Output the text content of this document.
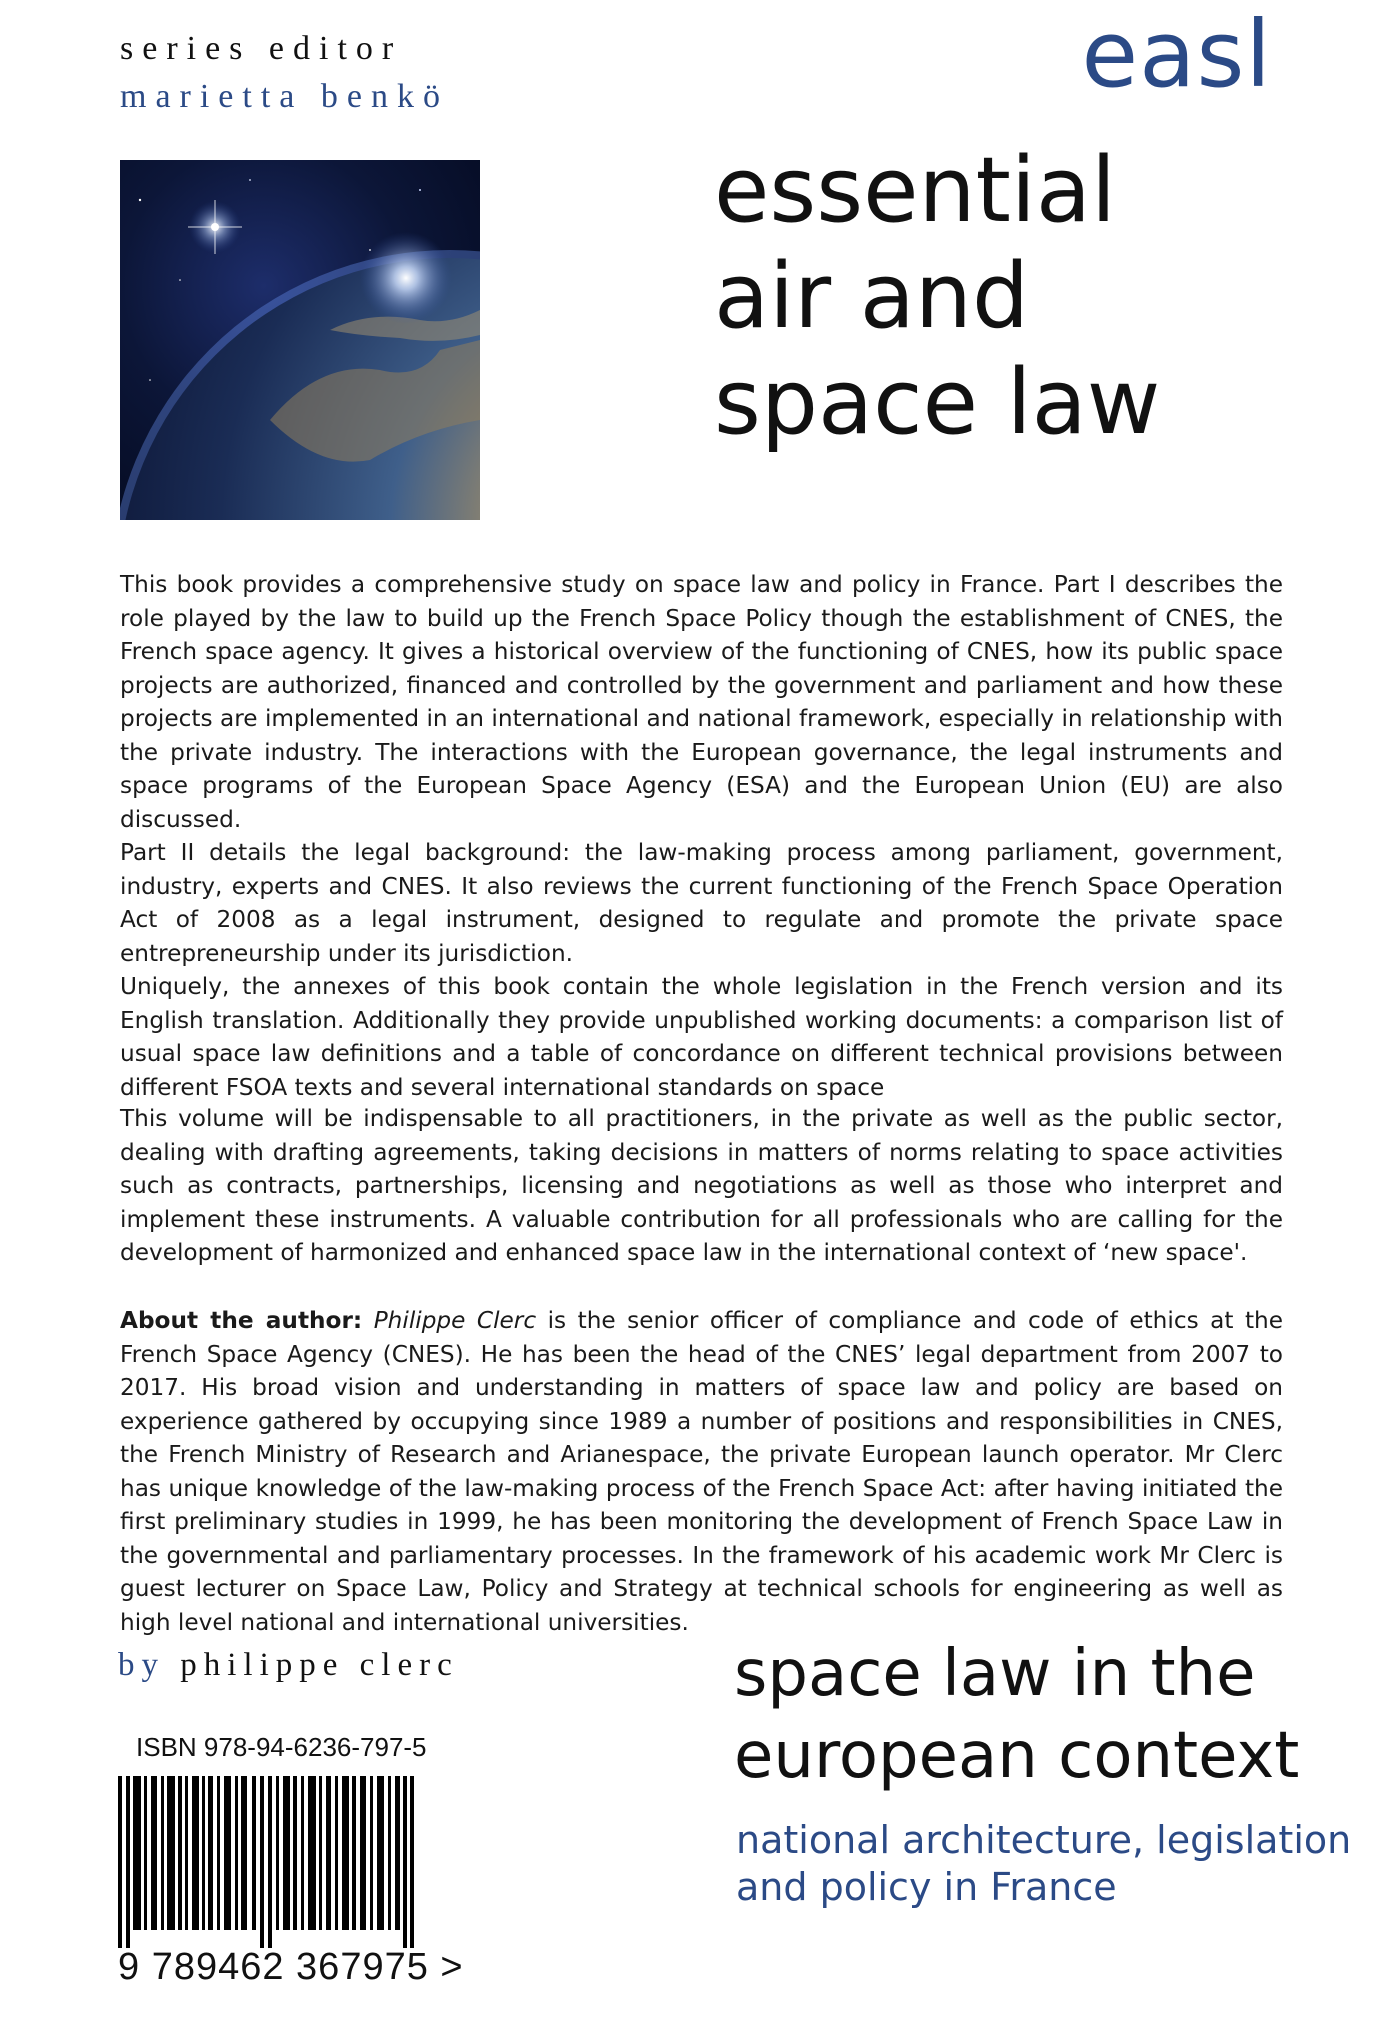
series editor

marietta benkö	easl

essential
air and
space law

This book provides a comprehensive study on space law and policy in France. Part I describes the role played by the law to build up the French Space Policy though the establishment of CNES, the French space agency. It gives a historical overview of the functioning of CNES, how its public space projects are authorized, financed and controlled by the government and parliament and how these projects are implemented in an international and national framework, especially in relationship with the private industry. The interactions with the European governance, the legal instruments and space programs of the European Space Agency (ESA) and the European Union (EU) are also discussed.

Part II details the legal background: the law-making process among parliament, government, industry, experts and CNES. It also reviews the current functioning of the French Space Operation Act of 2008 as a legal instrument, designed to regulate and promote the private space entrepreneurship under its jurisdiction.

Uniquely, the annexes of this book contain the whole legislation in the French version and its English translation. Additionally they provide unpublished working documents: a comparison list of usual space law definitions and a table of concordance on different technical provisions between different FSOA texts and several international standards on space

This volume will be indispensable to all practitioners, in the private as well as the public sector, dealing with drafting agreements, taking decisions in matters of norms relating to space activities such as contracts, partnerships, licensing and negotiations as well as those who interpret and implement these instruments. A valuable contribution for all professionals who are calling for the development of harmonized and enhanced space law in the international context of ‘new space'.

About the author: Philippe Clerc is the senior officer of compliance and code of ethics at the French Space Agency (CNES). He has been the head of the CNES’ legal department from 2007 to 2017. His broad vision and understanding in matters of space law and policy are based on experience gathered by occupying since 1989 a number of positions and responsibilities in CNES, the French Ministry of Research and Arianespace, the private European launch operator. Mr Clerc has unique knowledge of the law-making process of the French Space Act: after having initiated the first preliminary studies in 1999, he has been monitoring the development of French Space Law in the governmental and parliamentary processes. In the framework of his academic work Mr Clerc is guest lecturer on Space Law, Policy and Strategy at technical schools for engineering as well as high level national and international universities.

by philippe clerc

ISBN 978-94-6236-797-5

9 789462 367975 >

space law in the
european context

national architecture, legislation
and policy in France
